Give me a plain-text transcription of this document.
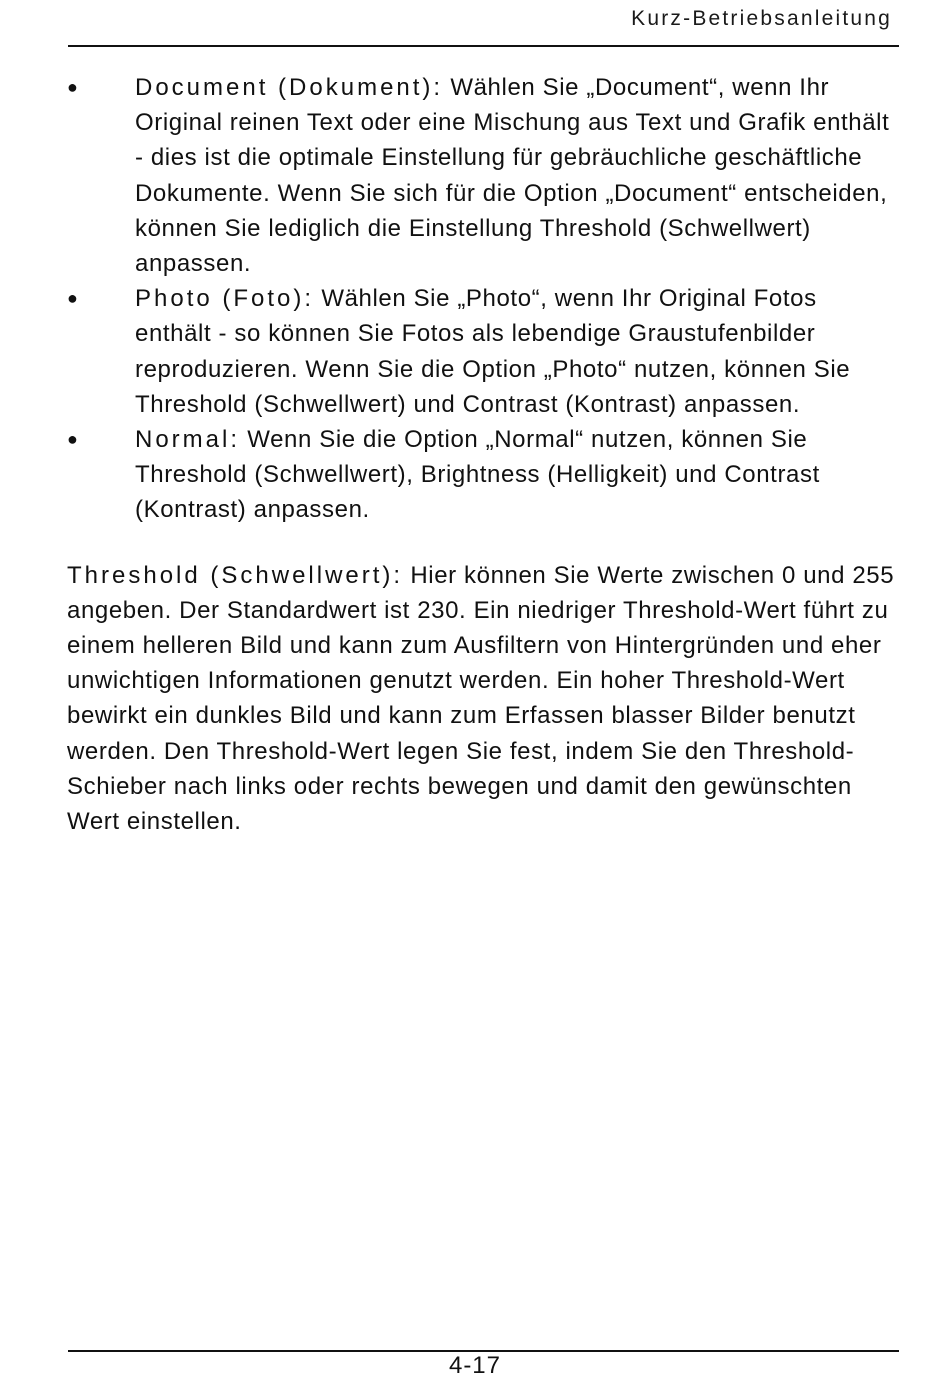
Kurz-Betriebsanleitung
● Document (Dokument): Wählen Sie „Document“, wenn Ihr Original reinen Text oder eine Mischung aus Text und Grafik enthält - dies ist die optimale Einstellung für gebräuchliche geschäftliche Dokumente. Wenn Sie sich für die Option „Document“ entscheiden, können Sie lediglich die Einstellung Threshold (Schwellwert) anpassen.
● Photo (Foto): Wählen Sie „Photo“, wenn Ihr Original Fotos enthält - so können Sie Fotos als lebendige Graustufenbilder reproduzieren. Wenn Sie die Option „Photo“ nutzen, können Sie Threshold (Schwellwert) und Contrast (Kontrast) anpassen.
● Normal: Wenn Sie die Option „Normal“ nutzen, können Sie Threshold (Schwellwert), Brightness (Helligkeit) und Contrast (Kontrast) anpassen.

Threshold (Schwellwert): Hier können Sie Werte zwischen 0 und 255 angeben. Der Standardwert ist 230. Ein niedriger Threshold-Wert führt zu einem helleren Bild und kann zum Ausfiltern von Hintergründen und eher unwichtigen Informationen genutzt werden. Ein hoher Threshold-Wert bewirkt ein dunkles Bild und kann zum Erfassen blasser Bilder benutzt werden. Den Threshold-Wert legen Sie fest, indem Sie den Threshold-Schieber nach links oder rechts bewegen und damit den gewünschten Wert einstellen.

4-17
